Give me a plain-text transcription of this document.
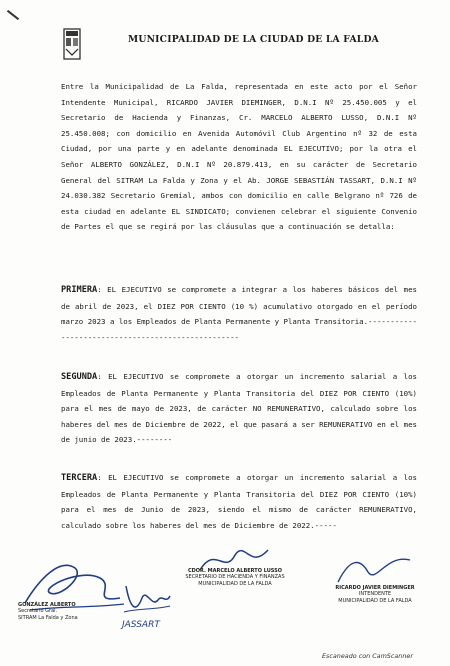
MUNICIPALIDAD DE LA CIUDAD DE LA FALDA
Entre la Municipalidad de La Falda, representada en este acto por el Señor Intendente Municipal, RICARDO JAVIER DIEMINGER, D.N.I Nº 25.450.005 y el Secretario de Hacienda y Finanzas, Cr. MARCELO ALBERTO LUSSO, D.N.I Nº 25.450.008; con domicilio en Avenida Automóvil Club Argentino nº 32 de esta Ciudad, por una parte y en adelante denominada EL EJECUTIVO; por la otra el Señor ALBERTO GONZÁLEZ, D.N.I Nº 20.879.413, en su carácter de Secretario General del SITRAM La Falda y Zona y el Ab. JORGE SEBASTIÁN TASSART, D.N.I Nº 24.030.382 Secretario Gremial, ambos con domicilio en calle Belgrano nº 726 de esta ciudad en adelante EL SINDICATO; convienen celebrar el siguiente Convenio de Partes el que se regirá por las cláusulas que a continuación se detalla:
PRIMERA: EL EJECUTIVO se compromete a integrar a los haberes básicos del mes de abril de 2023, el DIEZ POR CIENTO (10 %) acumulativo otorgado en el período marzo 2023 a los Empleados de Planta Permanente y Planta Transitoria.---------------------------------------------------
SEGUNDA: EL EJECUTIVO se compromete a otorgar un incremento salarial a los Empleados de Planta Permanente y Planta Transitoria del DIEZ POR CIENTO (10%) para el mes de mayo de 2023, de carácter NO REMUNERATIVO, calculado sobre los haberes del mes de Diciembre de 2022, el que pasará a ser REMUNERATIVO en el mes de junio de 2023.--------
TERCERA: EL EJECUTIVO se compromete a otorgar un incremento salarial a los Empleados de Planta Permanente y Planta Transitoria del DIEZ POR CIENTO (10%) para el mes de Junio de 2023, siendo el mismo de carácter REMUNERATIVO, calculado sobre los haberes del mes de Diciembre de 2022.-----
JASSART
GONZÁLEZ ALBERTO
Secretario Gral.
SITRAM La Falda y Zona
CDOR. MARCELO ALBERTO LUSSO
SECRETARIO DE HACIENDA Y FINANZAS
MUNICIPALIDAD DE LA FALDA
RICARDO JAVIER DIEMINGER
INTENDENTE
MUNICIPALIDAD DE LA FALDA
Escaneado con CamScanner
